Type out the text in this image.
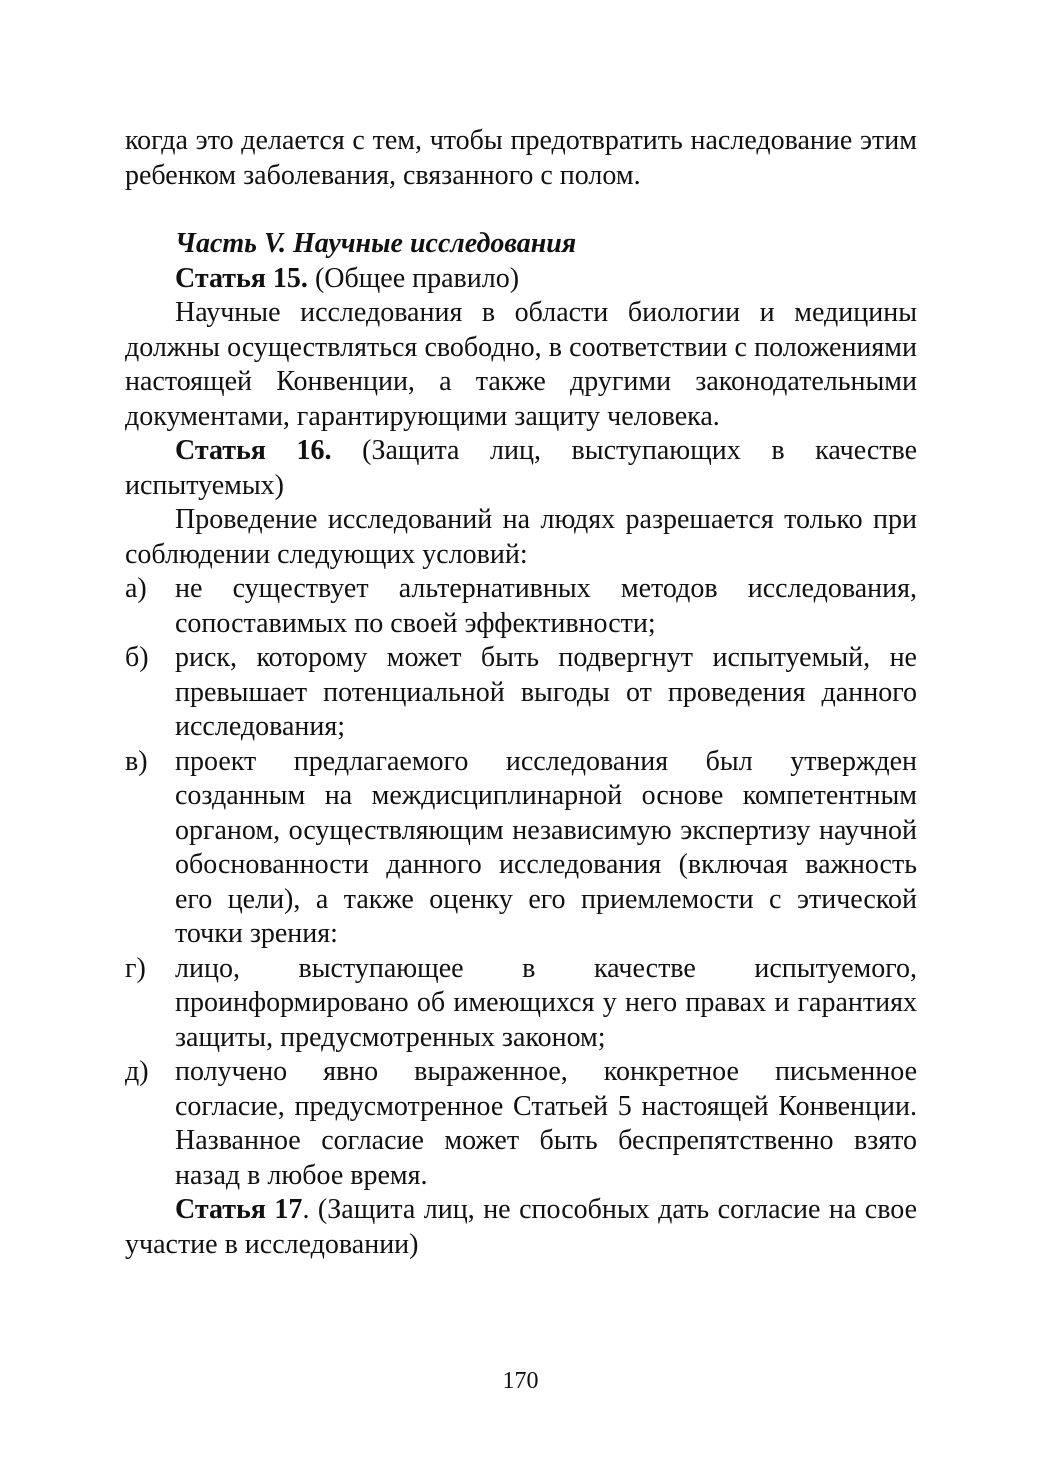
когда это делается с тем, чтобы предотвратить наследование этим ребенком заболевания, связанного с полом.

Часть V. Научные исследования

Статья 15. (Общее правило)

Научные исследования в области биологии и медицины должны осуществляться свободно, в соответствии с положениями настоящей Конвенции, а также другими законодательными документами, гарантирующими защиту человека.

Статья 16. (Защита лиц, выступающих в качестве испытуемых)

Проведение исследований на людях разрешается только при соблюдении следующих условий:

а)	не существует альтернативных методов исследования, сопоставимых по своей эффективности;
б) риск, которому может быть подвергнут испытуемый, не превышает потенциальной выгоды от проведения данного исследования;
в) проект предлагаемого исследования был утвержден созданным на междисциплинарной основе компетентным органом, осуществляющим независимую экспертизу научной обоснованности данного исследования (включая важность его цели), а также оценку его приемлемости с этической точки зрения:
г)	лицо, выступающее в качестве испытуемого, проинформировано об имеющихся у него правах и гарантиях защиты, предусмотренных законом;
д) получено явно выраженное, конкретное письменное согласие, предусмотренное Статьей 5 настоящей Конвенции. Названное согласие может быть беспрепятственно взято назад в любое время.

Статья 17. (Защита лиц, не способных дать согласие на свое участие в исследовании)

170
